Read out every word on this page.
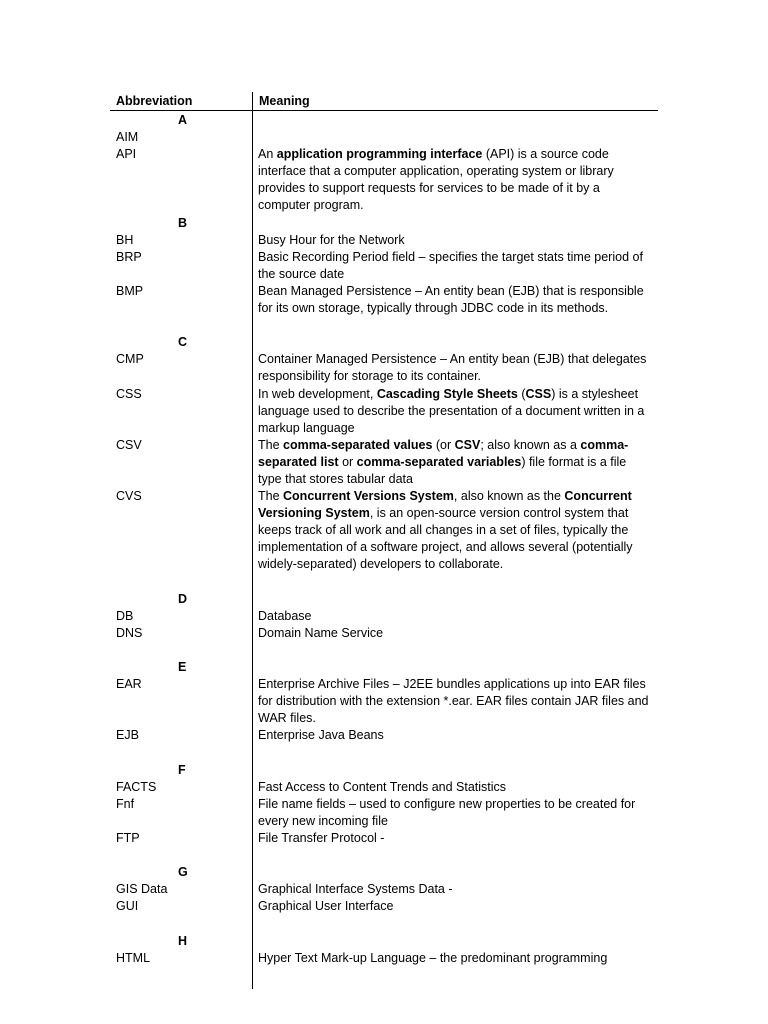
Abbreviation	Meaning
A
AIM
API	An application programming interface (API) is a source code interface that a computer application, operating system or library provides to support requests for services to be made of it by a computer program.
B
BH	Busy Hour for the Network
BRP	Basic Recording Period field – specifies the target stats time period of the source date
BMP	Bean Managed Persistence – An entity bean (EJB) that is responsible for its own storage, typically through JDBC code in its methods.
C
CMP	Container Managed Persistence – An entity bean (EJB) that delegates responsibility for storage to its container.
CSS	In web development, Cascading Style Sheets (CSS) is a stylesheet language used to describe the presentation of a document written in a markup language
CSV	The comma-separated values (or CSV; also known as a comma-separated list or comma-separated variables) file format is a file type that stores tabular data
CVS	The Concurrent Versions System, also known as the Concurrent Versioning System, is an open-source version control system that keeps track of all work and all changes in a set of files, typically the implementation of a software project, and allows several (potentially widely-separated) developers to collaborate.
D
DB	Database
DNS	Domain Name Service
E
EAR	Enterprise Archive Files – J2EE bundles applications up into EAR files for distribution with the extension *.ear. EAR files contain JAR files and WAR files.
EJB	Enterprise Java Beans
F
FACTS	Fast Access to Content Trends and Statistics
Fnf	File name fields – used to configure new properties to be created for every new incoming file
FTP	File Transfer Protocol -
G
GIS Data	Graphical Interface Systems Data -
GUI	Graphical User Interface
H
HTML	Hyper Text Mark-up Language – the predominant programming
